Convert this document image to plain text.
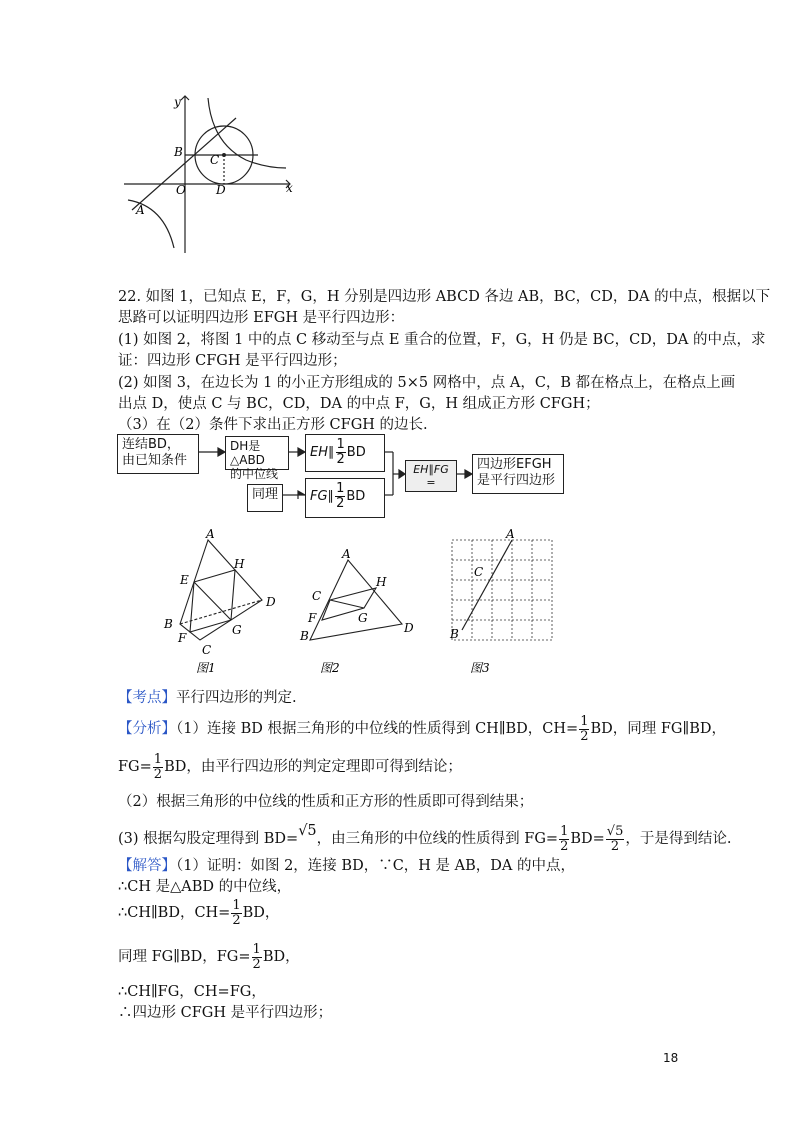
y
x
B
C
O	D
A
22. 如图 1，已知点 E，F，G，H 分别是四边形 ABCD 各边 AB，BC，CD，DA 的中点，根据以下
思路可以证明四边形 EFGH 是平行四边形：
(1) 如图 2，将图 1 中的点 C 移动至与点 E 重合的位置，F，G，H 仍是 BC，CD，DA 的中点，求
证：四边形 CFGH 是平行四边形；
(2) 如图 3，在边长为 1 的小正方形组成的 5×5 网格中，点 A，C，B 都在格点上，在格点上画
出点 D，使点 C 与 BC，CD，DA 的中点 F，G，H 组成正方形 CFGH；
（3）在（2）条件下求出正方形 CFGH 的边长.
连结BD，
由已知条件
DH是△ABD
的中位线
EH∥ $\frac{1}{2}$ BD
EH∥FG
=
四边形EFGH
是平行四边形
同理	FG∥ $\frac{1}{2}$ BD
A
E
H
D
B
F
G
C
图1
A
C
H
F	G
B
D
图2
A
C
B
图3
【考点】平行四边形的判定.
【分析】（1）连接 BD 根据三角形的中位线的性质得到 CH∥BD，$CH= \frac{1}{2}$ BD，同理 FG∥BD，
$FG= \frac{1}{2}$ BD，由平行四边形的判定定理即可得到结论；
（2）根据三角形的中位线的性质和正方形的性质即可得到结果；
(3) 根据勾股定理得到 BD=√5，由三角形的中位线的性质得到 $FG= \frac{1}{2} BD= \frac{√5}{2}$ ，于是得到结论.
【解答】（1）证明：如图 2，连接 BD，∵C，H 是 AB，DA 的中点，
∴CH 是△ABD 的中位线，
∴CH∥BD，$CH= \frac{1}{2}$ BD，
同理 FG∥BD，$FG= \frac{1}{2}$ BD，
∴CH∥FG，CH=FG，
∴四边形 CFGH 是平行四边形；
18
